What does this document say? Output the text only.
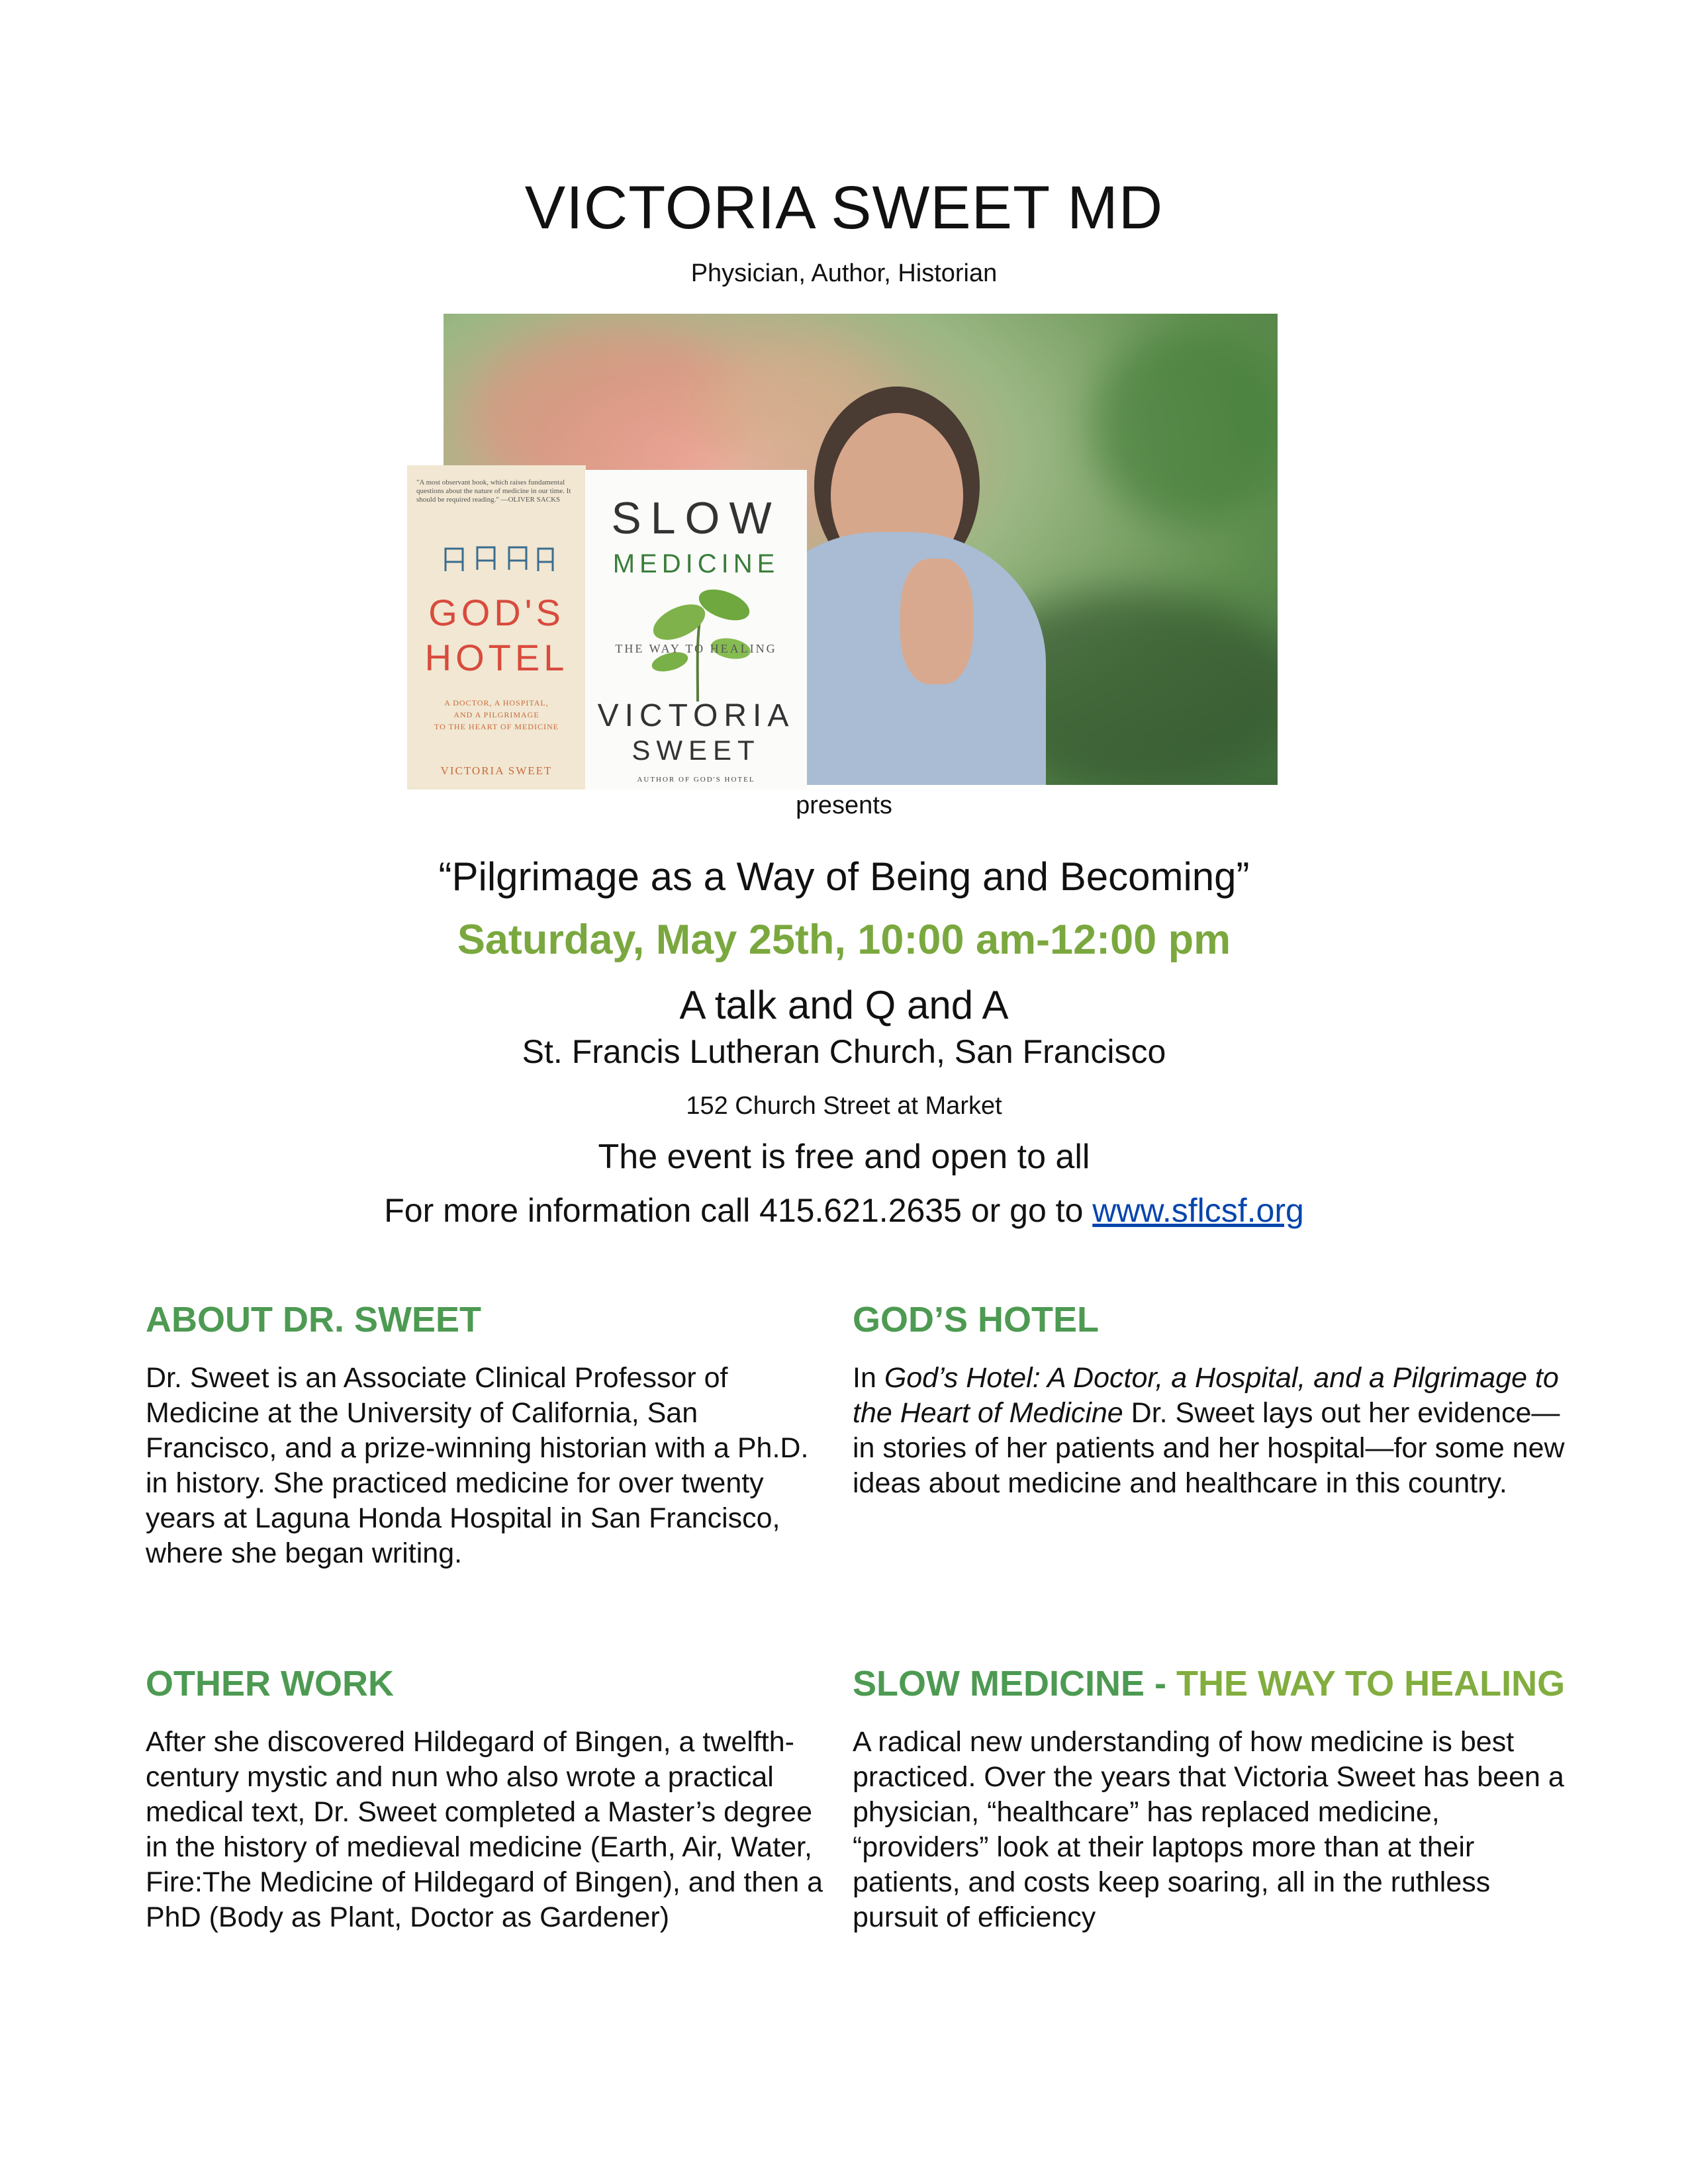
VICTORIA SWEET MD
Physician, Author, Historian
"A most observant book, which raises fundamental questions about the nature of medicine in our time. It should be required reading." —OLIVER SACKS
GOD'S
HOTEL
A DOCTOR, A HOSPITAL,
AND A PILGRIMAGE
TO THE HEART OF MEDICINE
VICTORIA SWEET
SLOW
MEDICINE
THE WAY TO HEALING
VICTORIA
SWEET
AUTHOR OF GOD'S HOTEL
presents
“Pilgrimage as a Way of Being and Becoming”
Saturday, May 25th, 10:00 am-12:00 pm
A talk and Q and A
St. Francis Lutheran Church, San Francisco
152 Church Street at Market
The event is free and open to all
For more information call 415.621.2635 or go to www.sflcsf.org
ABOUT DR. SWEET
Dr. Sweet is an Associate Clinical Professor of Medicine at the University of California, San Francisco, and a prize-winning historian with a Ph.D. in history. She practiced medicine for over twenty years at Laguna Honda Hospital in San Francisco, where she began writing.
GOD’S HOTEL
In God’s Hotel: A Doctor, a Hospital, and a Pilgrimage to the Heart of Medicine Dr. Sweet lays out her evidence—in stories of her patients and her hospital—for some new ideas about medicine and healthcare in this country.
OTHER WORK
After she discovered Hildegard of Bingen, a twelfth-century mystic and nun who also wrote a practical medical text, Dr. Sweet completed a Master’s degree in the history of medieval medicine (Earth, Air, Water, Fire:The Medicine of Hildegard of Bingen), and then a PhD (Body as Plant, Doctor as Gardener)
SLOW MEDICINE - THE WAY TO HEALING
A radical new understanding of how medicine is best practiced. Over the years that Victoria Sweet has been a physician, “healthcare” has replaced medicine, “providers” look at their laptops more than at their patients, and costs keep soaring, all in the ruthless pursuit of efficiency
